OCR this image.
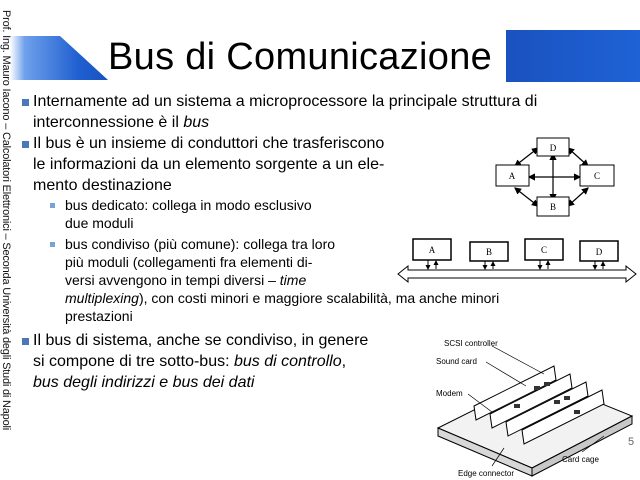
Prof. Ing. Mauro Iacono – Calcolatori Elettronici – Seconda Università degli Studi di Napoli	Bus di Comunicazione
Internamente ad un sistema a microprocessore la principale struttura di
interconnessione è il bus
Il bus è un insieme di conduttori che trasferiscono
le informazioni da un elemento sorgente a un ele-
mento destinazione
bus dedicato: collega in modo esclusivo
due moduli
bus condiviso (più comune): collega tra loro
più moduli (collegamenti fra elementi di-
versi avvengono in tempi diversi – time
multiplexing), con costi minori e maggiore scalabilità, ma anche minori
prestazioni
Il bus di sistema, anche se condiviso, in genere
si compone di tre sotto-bus: bus di controllo,
bus degli indirizzi e bus dei dati
D
A	C
B
A	B	C	D
SCSI controller
Sound card
Modem
Edge connector
Card cage
5
